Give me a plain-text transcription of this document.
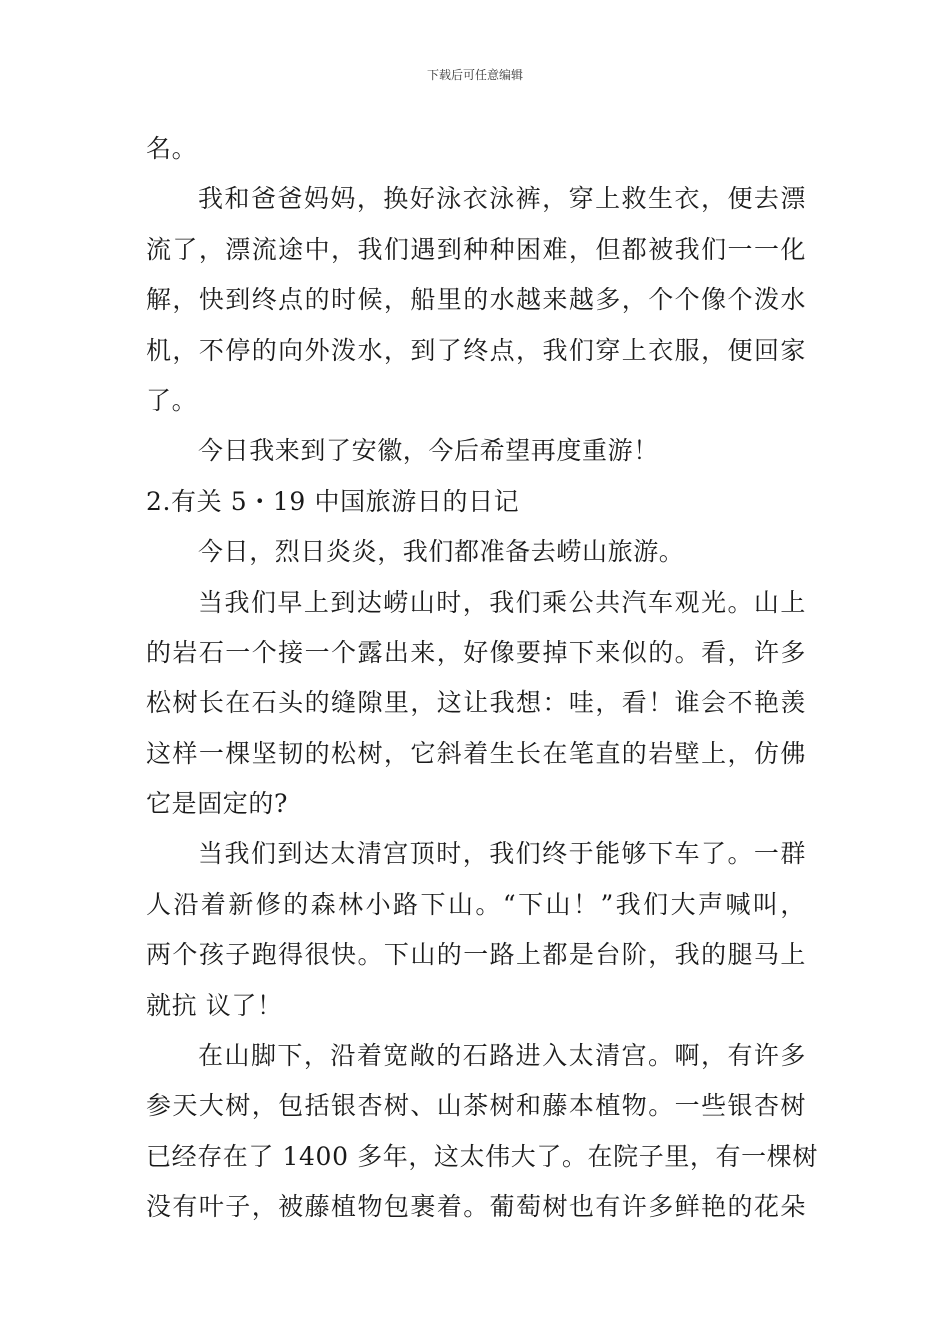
下载后可任意编辑
名。
我和爸爸妈妈，换好泳衣泳裤，穿上救生衣，便去漂
流了，漂流途中，我们遇到种种困难，但都被我们一一化
解，快到终点的时候，船里的水越来越多，个个像个泼水
机，不停的向外泼水，到了终点，我们穿上衣服，便回家
了。
今日我来到了安徽，今后希望再度重游！
2.有关 5・19 中国旅游日的日记
今日，烈日炎炎，我们都准备去崂山旅游。
当我们早上到达崂山时，我们乘公共汽车观光。山上
的岩石一个接一个露出来，好像要掉下来似的。看，许多
松树长在石头的缝隙里，这让我想：哇，看！谁会不艳羡
这样一棵坚韧的松树，它斜着生长在笔直的岩壁上，仿佛
它是固定的?
当我们到达太清宫顶时，我们终于能够下车了。一群
人沿着新修的森林小路下山。“下山！”我们大声喊叫，
两个孩子跑得很快。下山的一路上都是台阶，我的腿马上
就抗 议了！
在山脚下，沿着宽敞的石路进入太清宫。啊，有许多
参天大树，包括银杏树、山茶树和藤本植物。一些银杏树
已经存在了 1400 多年，这太伟大了。在院子里，有一棵树
没有叶子，被藤植物包裹着。葡萄树也有许多鲜艳的花朵
